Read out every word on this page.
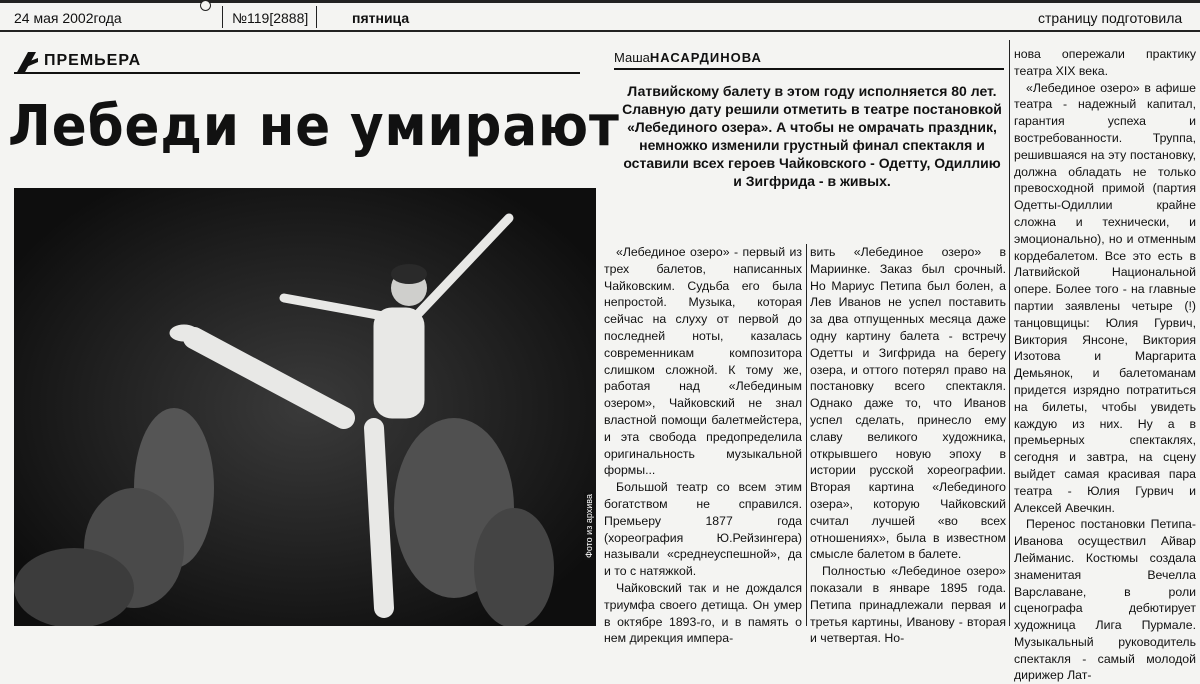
24 мая 2002года	№119[2888]	пятница	страницу подготовила
ПРЕМЬЕРА
Лебеди не умирают
Фото из архива
МашаНАСАРДИНОВА
Латвийскому балету в этом году исполняется 80 лет. Славную дату решили отметить в театре постановкой «Лебединого озера». А чтобы не омрачать праздник, немножко изменили грустный финал спектакля и оставили всех героев Чайковского - Одетту, Одиллию и Зигфрида - в живых.

«Лебединое озеро» - первый из трех балетов, написанных Чайковским. Судьба его была непростой. Музыка, которая сейчас на слуху от первой до последней ноты, казалась современникам композитора слишком сложной. К тому же, работая над «Лебединым озером», Чайковский не знал властной помощи балетмейстера, и эта свобода предопределила оригинальность музыкальной формы...

Большой театр со всем этим богатством не справился. Премьеру 1877 года (хореография Ю.Рейзингера) называли «среднеуспешной», да и то с натяжкой.

Чайковский так и не дождался триумфа своего детища. Он умер в октябре 1893-го, и в память о нем дирекция импера-

вить «Лебединое озеро» в Мариинке. Заказ был срочный. Но Мариус Петипа был болен, а Лев Иванов не успел поставить за два отпущенных месяца даже одну картину балета - встречу Одетты и Зигфрида на берегу озера, и оттого потерял право на постановку всего спектакля. Однако даже то, что Иванов успел сделать, принесло ему славу великого художника, открывшего новую эпоху в истории русской хореографии. Вторая картина «Лебединого озера», которую Чайковский считал лучшей «во всех отношениях», была в известном смысле балетом в балете.

Полностью «Лебединое озеро» показали в январе 1895 года. Петипа принадлежали первая и третья картины, Иванову - вторая и четвертая. Но-

нова опережали практику театра XIX века.

«Лебединое озеро» в афише театра - надежный капитал, гарантия успеха и востребованности. Труппа, решившаяся на эту постановку, должна обладать не только превосходной примой (партия Одетты-Одиллии крайне сложна и технически, и эмоционально), но и отменным кордебалетом. Все это есть в Латвийской Национальной опере. Более того - на главные партии заявлены четыре (!) танцовщицы: Юлия Гурвич, Виктория Янсоне, Виктория Изотова и Маргарита Демьянок, и балетоманам придется изрядно потратиться на билеты, чтобы увидеть каждую из них. Ну а в премьерных спектаклях, сегодня и завтра, на сцену выйдет самая красивая пара театра - Юлия Гурвич и Алексей Авечкин.

Перенос постановки Петипа-Иванова осуществил Айвар Лейманис. Костюмы создала знаменитая Вечелла Варславане, в роли сценографа дебютирует художница Лига Пурмале. Музыкальный руководитель спектакля - самый молодой дирижер Лат-
